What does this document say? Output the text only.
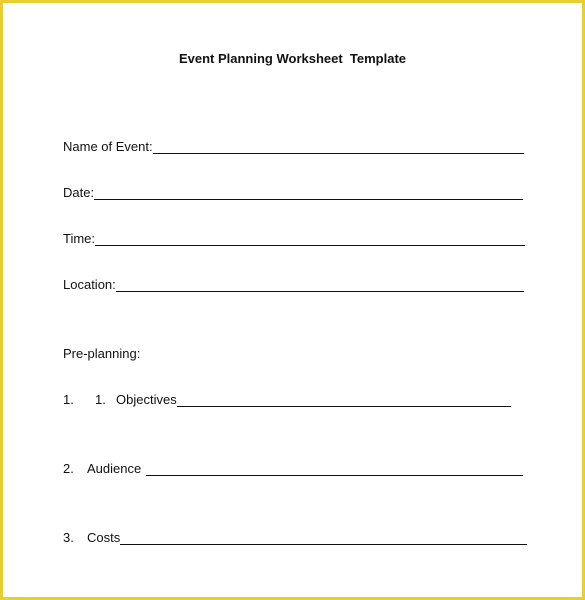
Event Planning Worksheet  Template
Name of Event:
Date:
Time:
Location:
Pre-planning:
1.	1. Objectives
2.	Audience
3.	Costs
